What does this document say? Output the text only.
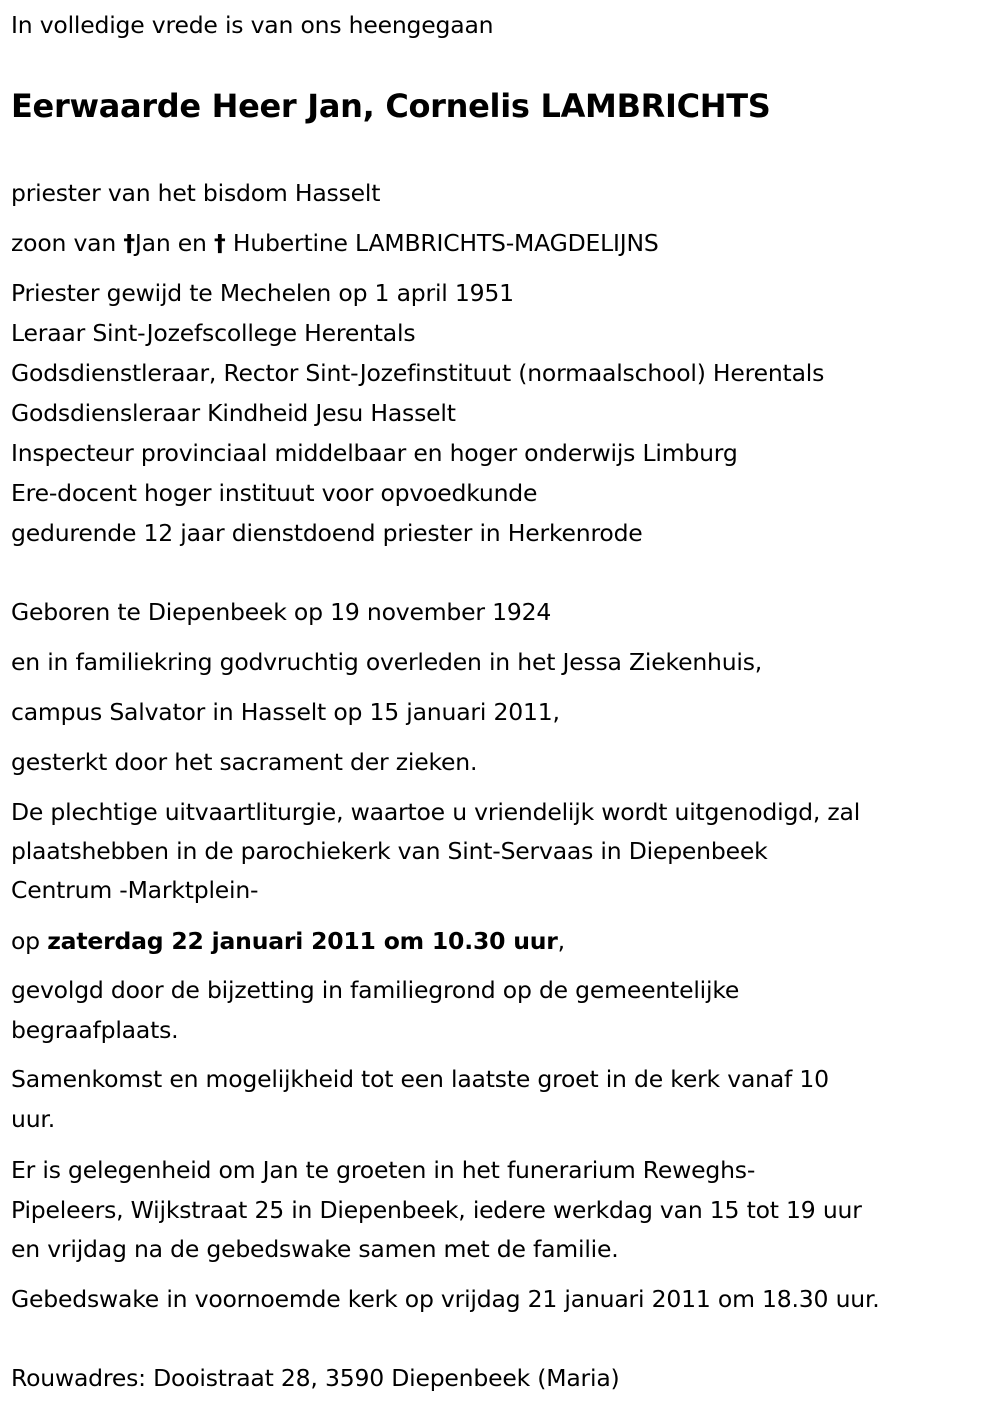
In volledige vrede is van ons heengegaan
Eerwaarde Heer Jan, Cornelis LAMBRICHTS
priester van het bisdom Hasselt
zoon van †Jan en † Hubertine LAMBRICHTS-MAGDELIJNS
Priester gewijd te Mechelen op 1 april 1951
Leraar Sint-Jozefscollege Herentals
Godsdienstleraar, Rector Sint-Jozefinstituut (normaalschool) Herentals
Godsdiensleraar Kindheid Jesu Hasselt
Inspecteur provinciaal middelbaar en hoger onderwijs Limburg
Ere-docent hoger instituut voor opvoedkunde
gedurende 12 jaar dienstdoend priester in Herkenrode
Geboren te Diepenbeek op 19 november 1924
en in familiekring godvruchtig overleden in het Jessa Ziekenhuis,
campus Salvator in Hasselt op 15 januari 2011,
gesterkt door het sacrament der zieken.
De plechtige uitvaartliturgie, waartoe u vriendelijk wordt uitgenodigd, zal
plaatshebben in de parochiekerk van Sint-Servaas in Diepenbeek
Centrum -Marktplein-
op zaterdag 22 januari 2011 om 10.30 uur,
gevolgd door de bijzetting in familiegrond op de gemeentelijke
begraafplaats.
Samenkomst en mogelijkheid tot een laatste groet in de kerk vanaf 10
uur.
Er is gelegenheid om Jan te groeten in het funerarium Reweghs-
Pipeleers, Wijkstraat 25 in Diepenbeek, iedere werkdag van 15 tot 19 uur
en vrijdag na de gebedswake samen met de familie.
Gebedswake in voornoemde kerk op vrijdag 21 januari 2011 om 18.30 uur.
Rouwadres: Dooistraat 28, 3590 Diepenbeek (Maria)
